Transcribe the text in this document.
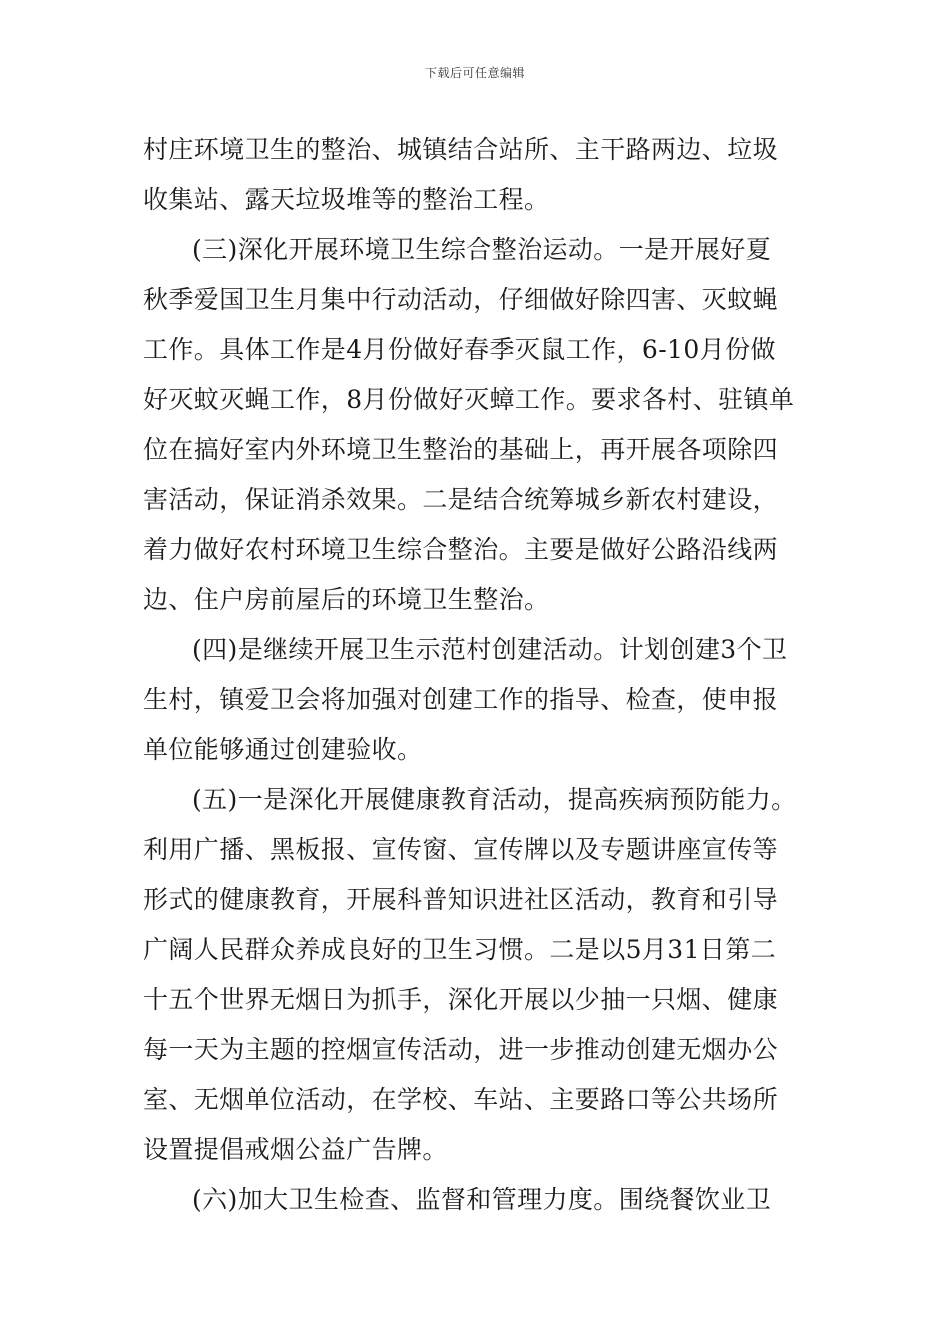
下载后可任意编辑
村庄环境卫生的整治、城镇结合站所、主干路两边、垃圾
收集站、露天垃圾堆等的整治工程。
(三)深化开展环境卫生综合整治运动。一是开展好夏
秋季爱国卫生月集中行动活动，仔细做好除四害、灭蚊蝇
工作。具体工作是4月份做好春季灭鼠工作，6-10月份做
好灭蚊灭蝇工作，8月份做好灭蟑工作。要求各村、驻镇单
位在搞好室内外环境卫生整治的基础上，再开展各项除四
害活动，保证消杀效果。二是结合统筹城乡新农村建设，
着力做好农村环境卫生综合整治。主要是做好公路沿线两
边、住户房前屋后的环境卫生整治。
(四)是继续开展卫生示范村创建活动。计划创建3个卫
生村，镇爱卫会将加强对创建工作的指导、检查，使申报
单位能够通过创建验收。
(五)一是深化开展健康教育活动，提高疾病预防能力。
利用广播、黑板报、宣传窗、宣传牌以及专题讲座宣传等
形式的健康教育，开展科普知识进社区活动，教育和引导
广阔人民群众养成良好的卫生习惯。二是以5月31日第二
十五个世界无烟日为抓手，深化开展以少抽一只烟、健康
每一天为主题的控烟宣传活动，进一步推动创建无烟办公
室、无烟单位活动，在学校、车站、主要路口等公共场所
设置提倡戒烟公益广告牌。
(六)加大卫生检查、监督和管理力度。围绕餐饮业卫
